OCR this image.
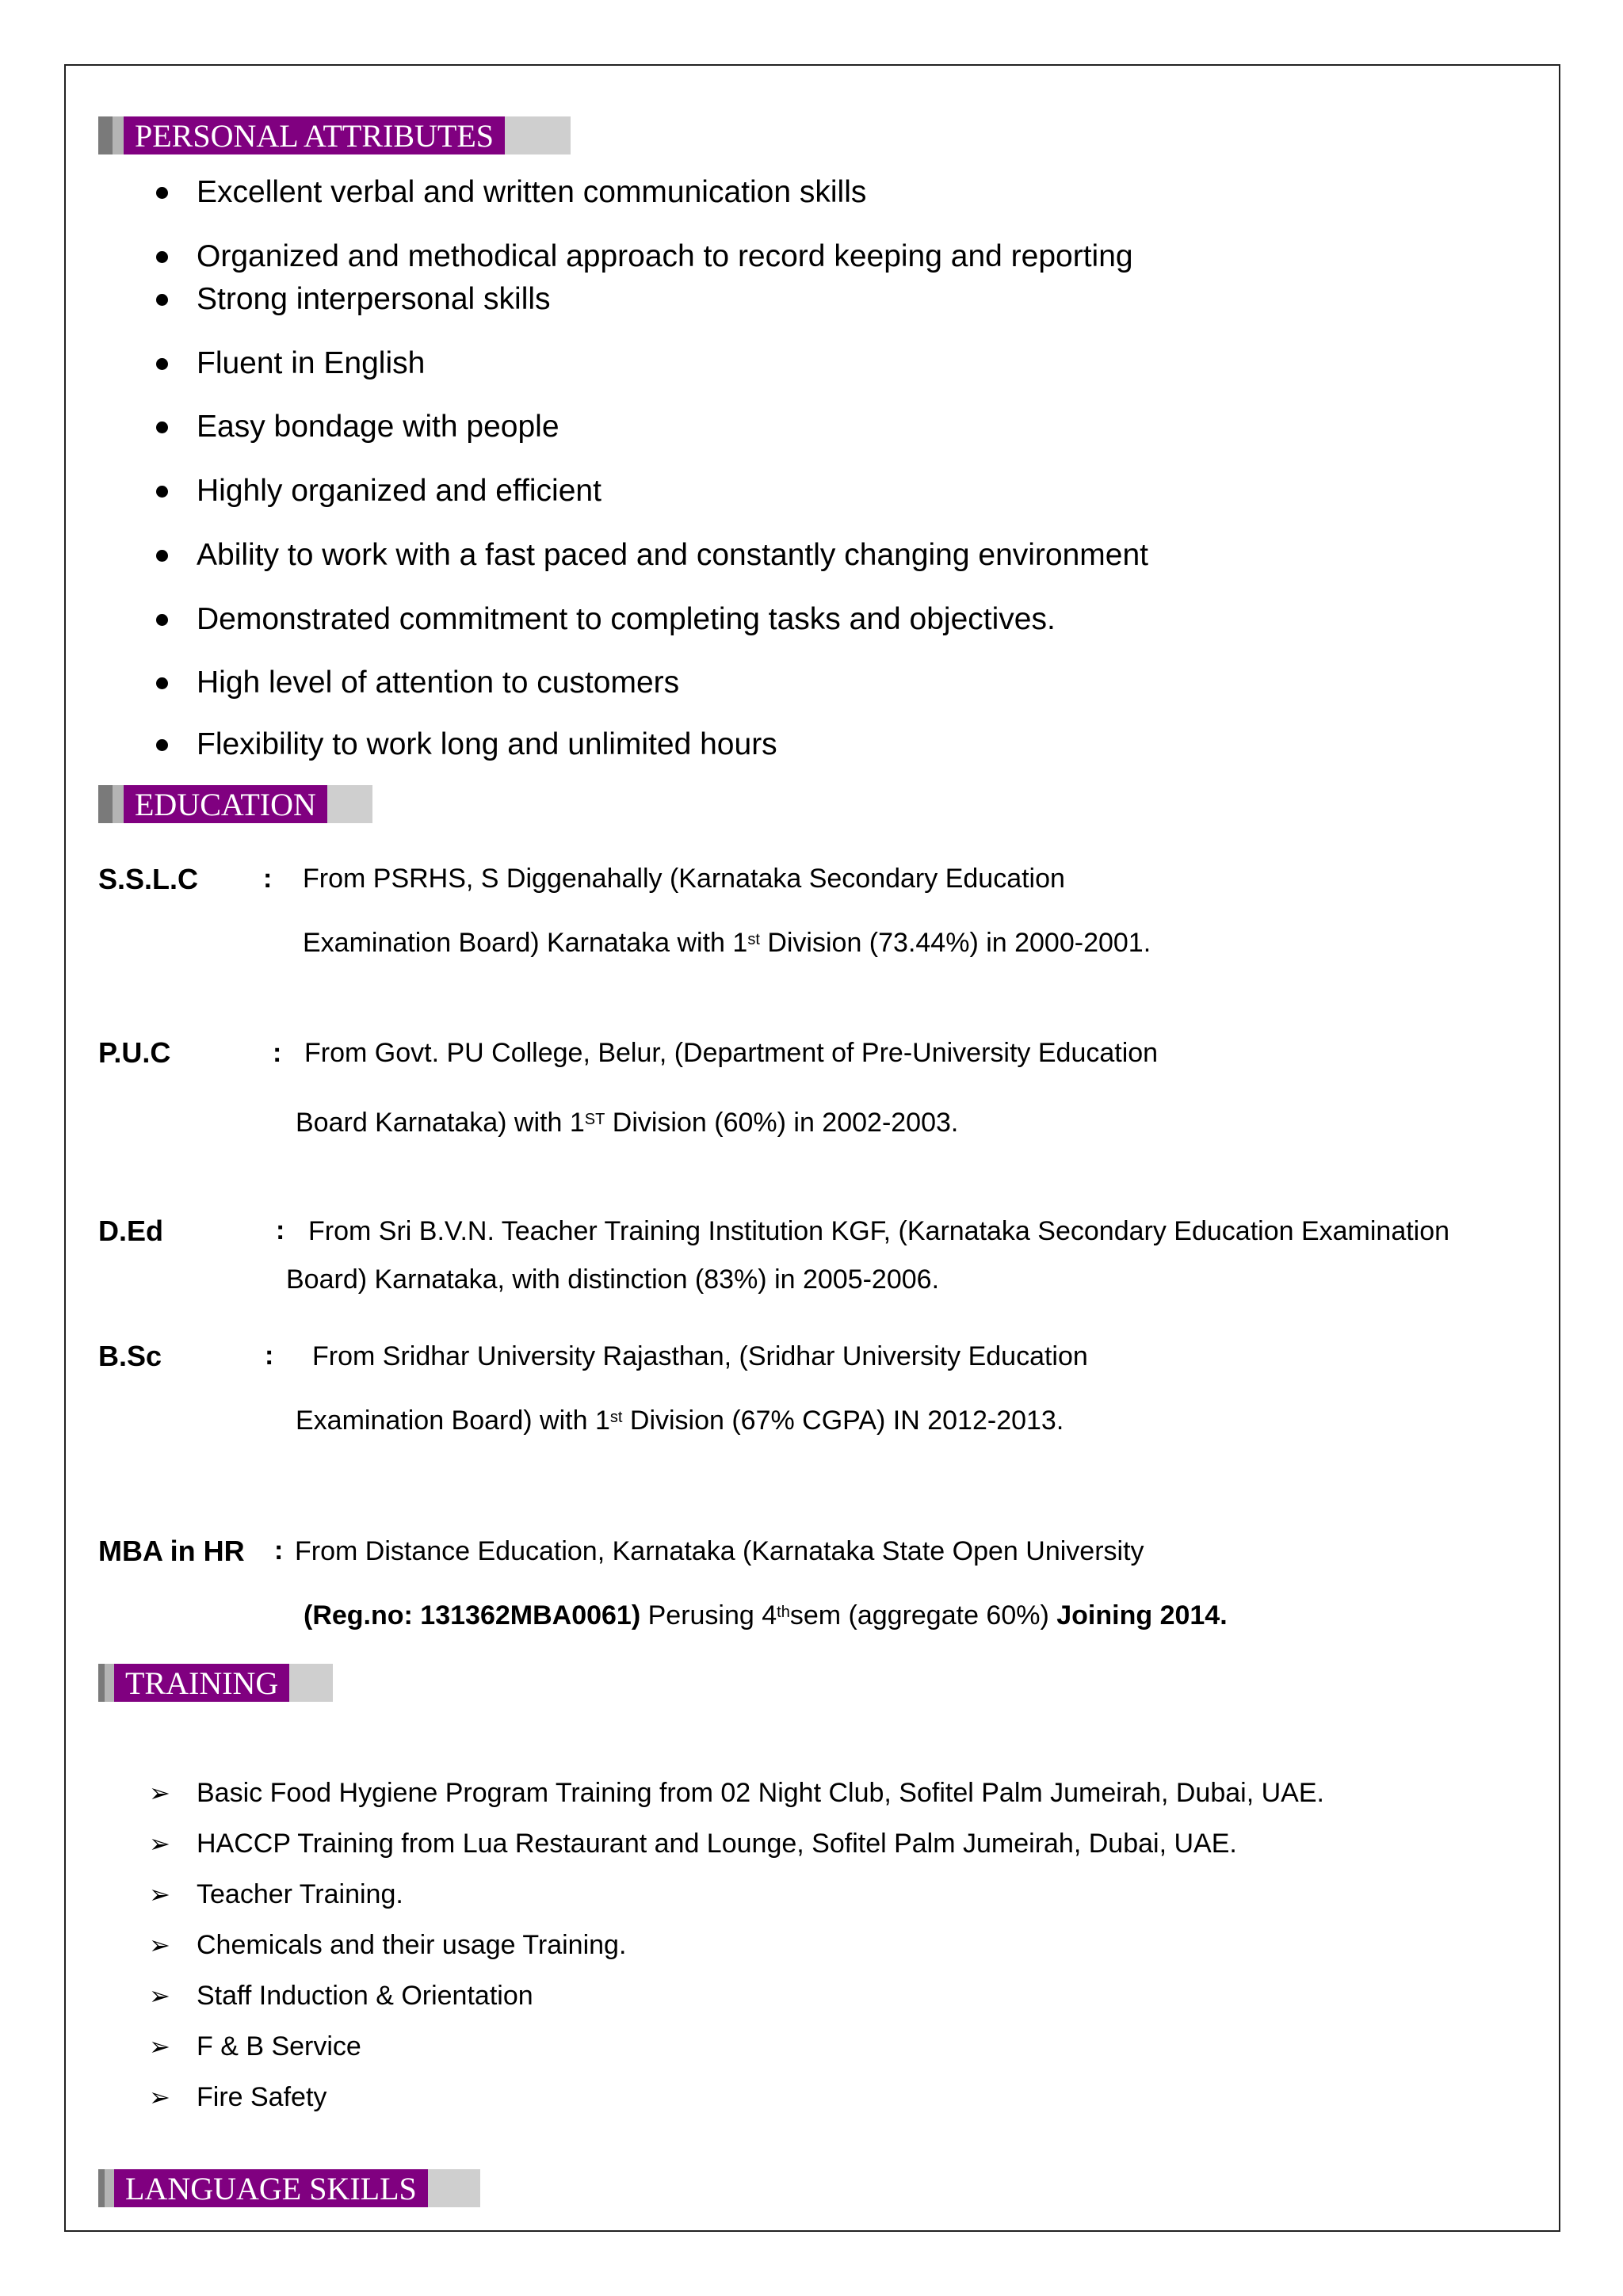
PERSONAL ATTRIBUTES
Excellent verbal and written communication skills
Organized and methodical approach to record keeping and reporting
Strong interpersonal skills
Fluent in English
Easy bondage with people
Highly organized and efficient
Ability to work with a fast paced and constantly changing environment
Demonstrated commitment to completing tasks and objectives.
High level of attention to customers
Flexibility to work long and unlimited hours
EDUCATION
S.S.L.C : From PSRHS, S Diggenahally (Karnataka Secondary Education
Examination Board) Karnataka with 1st Division (73.44%) in 2000-2001.
P.U.C	: From Govt. PU College, Belur, (Department of Pre-University Education
Board Karnataka) with 1ST Division (60%) in 2002-2003.
D.Ed	: From Sri B.V.N. Teacher Training Institution KGF, (Karnataka Secondary Education Examination
Board) Karnataka, with distinction (83%) in 2005-2006.
B.Sc	: From Sridhar University Rajasthan, (Sridhar University Education
Examination Board) with 1st Division (67% CGPA) IN 2012-2013.
MBA in HR : From Distance Education, Karnataka (Karnataka State Open University
(Reg.no: 131362MBA0061) Perusing 4thsem (aggregate 60%) Joining 2014.
TRAINING
➢ Basic Food Hygiene Program Training from 02 Night Club, Sofitel Palm Jumeirah, Dubai, UAE.
➢ HACCP Training from Lua Restaurant and Lounge, Sofitel Palm Jumeirah, Dubai, UAE.
➢ Teacher Training.
➢ Chemicals and their usage Training.
➢ Staff Induction & Orientation
➢ F & B Service
➢ Fire Safety
LANGUAGE SKILLS
